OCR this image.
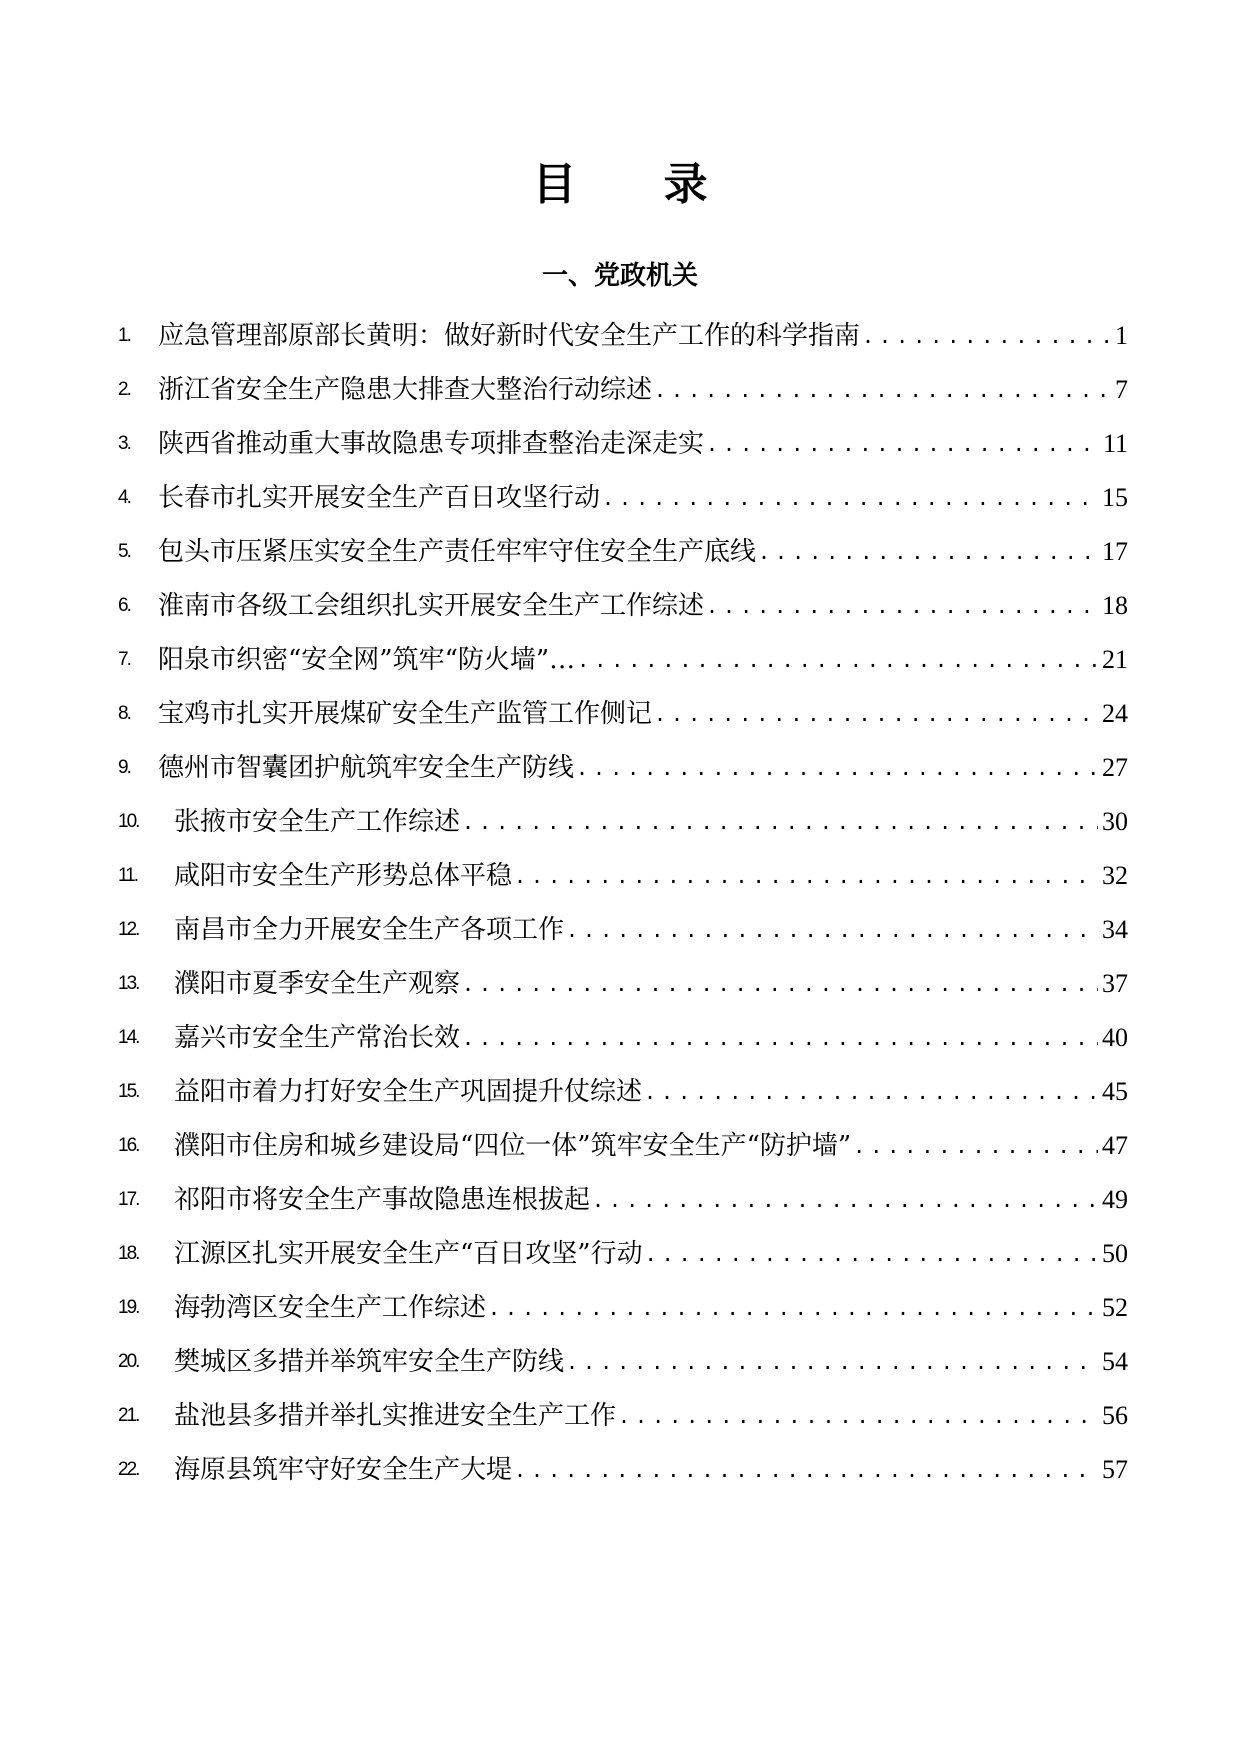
目 录
一、党政机关
1.	应急管理部原部长黄明：做好新时代安全生产工作的科学指南 .....	1
2.	浙江省安全生产隐患大排查大整治行动综述 .....	7
3.	陕西省推动重大事故隐患专项排查整治走深走实 .....	11
4.	长春市扎实开展安全生产百日攻坚行动 .....	15
5.	包头市压紧压实安全生产责任牢牢守住安全生产底线 .....	17
6.	淮南市各级工会组织扎实开展安全生产工作综述 .....	18
7.	阳泉市织密“安全网”筑牢“防火墙”… .....	21
8.	宝鸡市扎实开展煤矿安全生产监管工作侧记 .....	24
9.	德州市智囊团护航筑牢安全生产防线 .....	27
10.	张掖市安全生产工作综述 .....	30
11.	咸阳市安全生产形势总体平稳 .....	32
12.	南昌市全力开展安全生产各项工作 .....	34
13.	濮阳市夏季安全生产观察 .....	37
14.	嘉兴市安全生产常治长效 .....	40
15.	益阳市着力打好安全生产巩固提升仗综述 .....	45
16.	濮阳市住房和城乡建设局“四位一体”筑牢安全生产“防护墙” .....	47
17.	祁阳市将安全生产事故隐患连根拔起 .....	49
18.	江源区扎实开展安全生产“百日攻坚”行动 .....	50
19.	海勃湾区安全生产工作综述 .....	52
20.	樊城区多措并举筑牢安全生产防线 .....	54
21.	盐池县多措并举扎实推进安全生产工作 .....	56
22.	海原县筑牢守好安全生产大堤 .....	57
